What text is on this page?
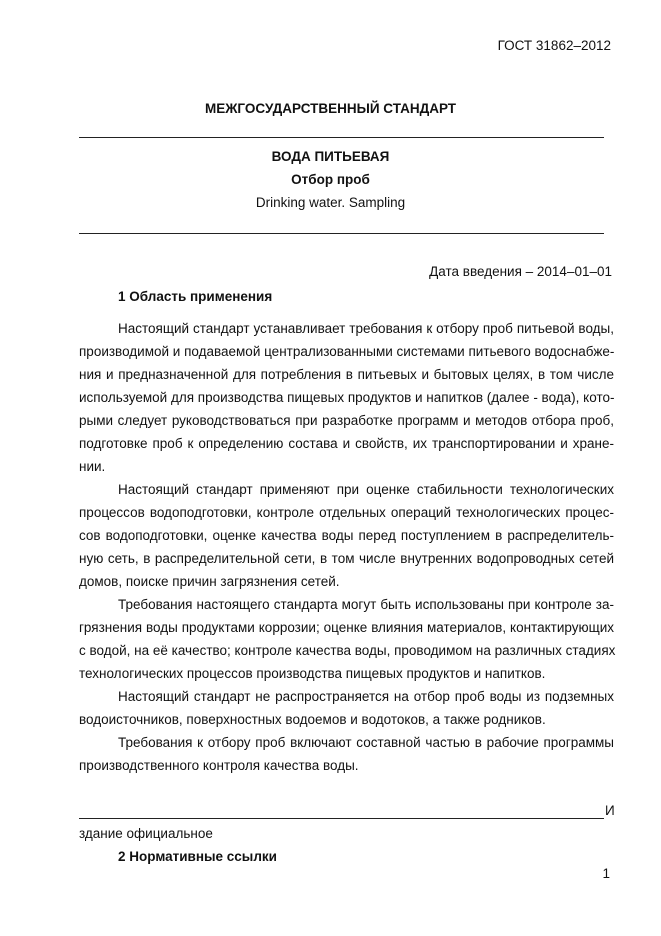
ГОСТ 31862–2012
МЕЖГОСУДАРСТВЕННЫЙ СТАНДАРТ
ВОДА ПИТЬЕВАЯ
Отбор проб
Drinking water. Sampling
Дата введения – 2014–01–01
1 Область применения
Настоящий стандарт устанавливает требования к отбору проб питьевой воды,
производимой и подаваемой централизованными системами питьевого водоснабже-
ния и предназначенной для потребления в питьевых и бытовых целях, в том числе
используемой для производства пищевых продуктов и напитков (далее - вода), кото-
рыми следует руководствоваться при разработке программ и методов отбора проб,
подготовке проб к определению состава и свойств, их транспортировании и хране-
нии.
Настоящий стандарт применяют при оценке стабильности технологических
процессов водоподготовки, контроле отдельных операций технологических процес-
сов водоподготовки, оценке качества воды перед поступлением в распределитель-
ную сеть, в распределительной сети, в том числе внутренних водопроводных сетей
домов, поиске причин загрязнения сетей.
Требования настоящего стандарта могут быть использованы при контроле за-
грязнения воды продуктами коррозии; оценке влияния материалов, контактирующих
с водой, на её качество; контроле качества воды, проводимом на различных стадиях
технологических процессов производства пищевых продуктов и напитков.
Настоящий стандарт не распространяется на отбор проб воды из подземных
водоисточников, поверхностных водоемов и водотоков, а также родников.
Требования к отбору проб включают составной частью в рабочие программы
производственного контроля качества воды.
И
здание официальное
2 Нормативные ссылки
1
